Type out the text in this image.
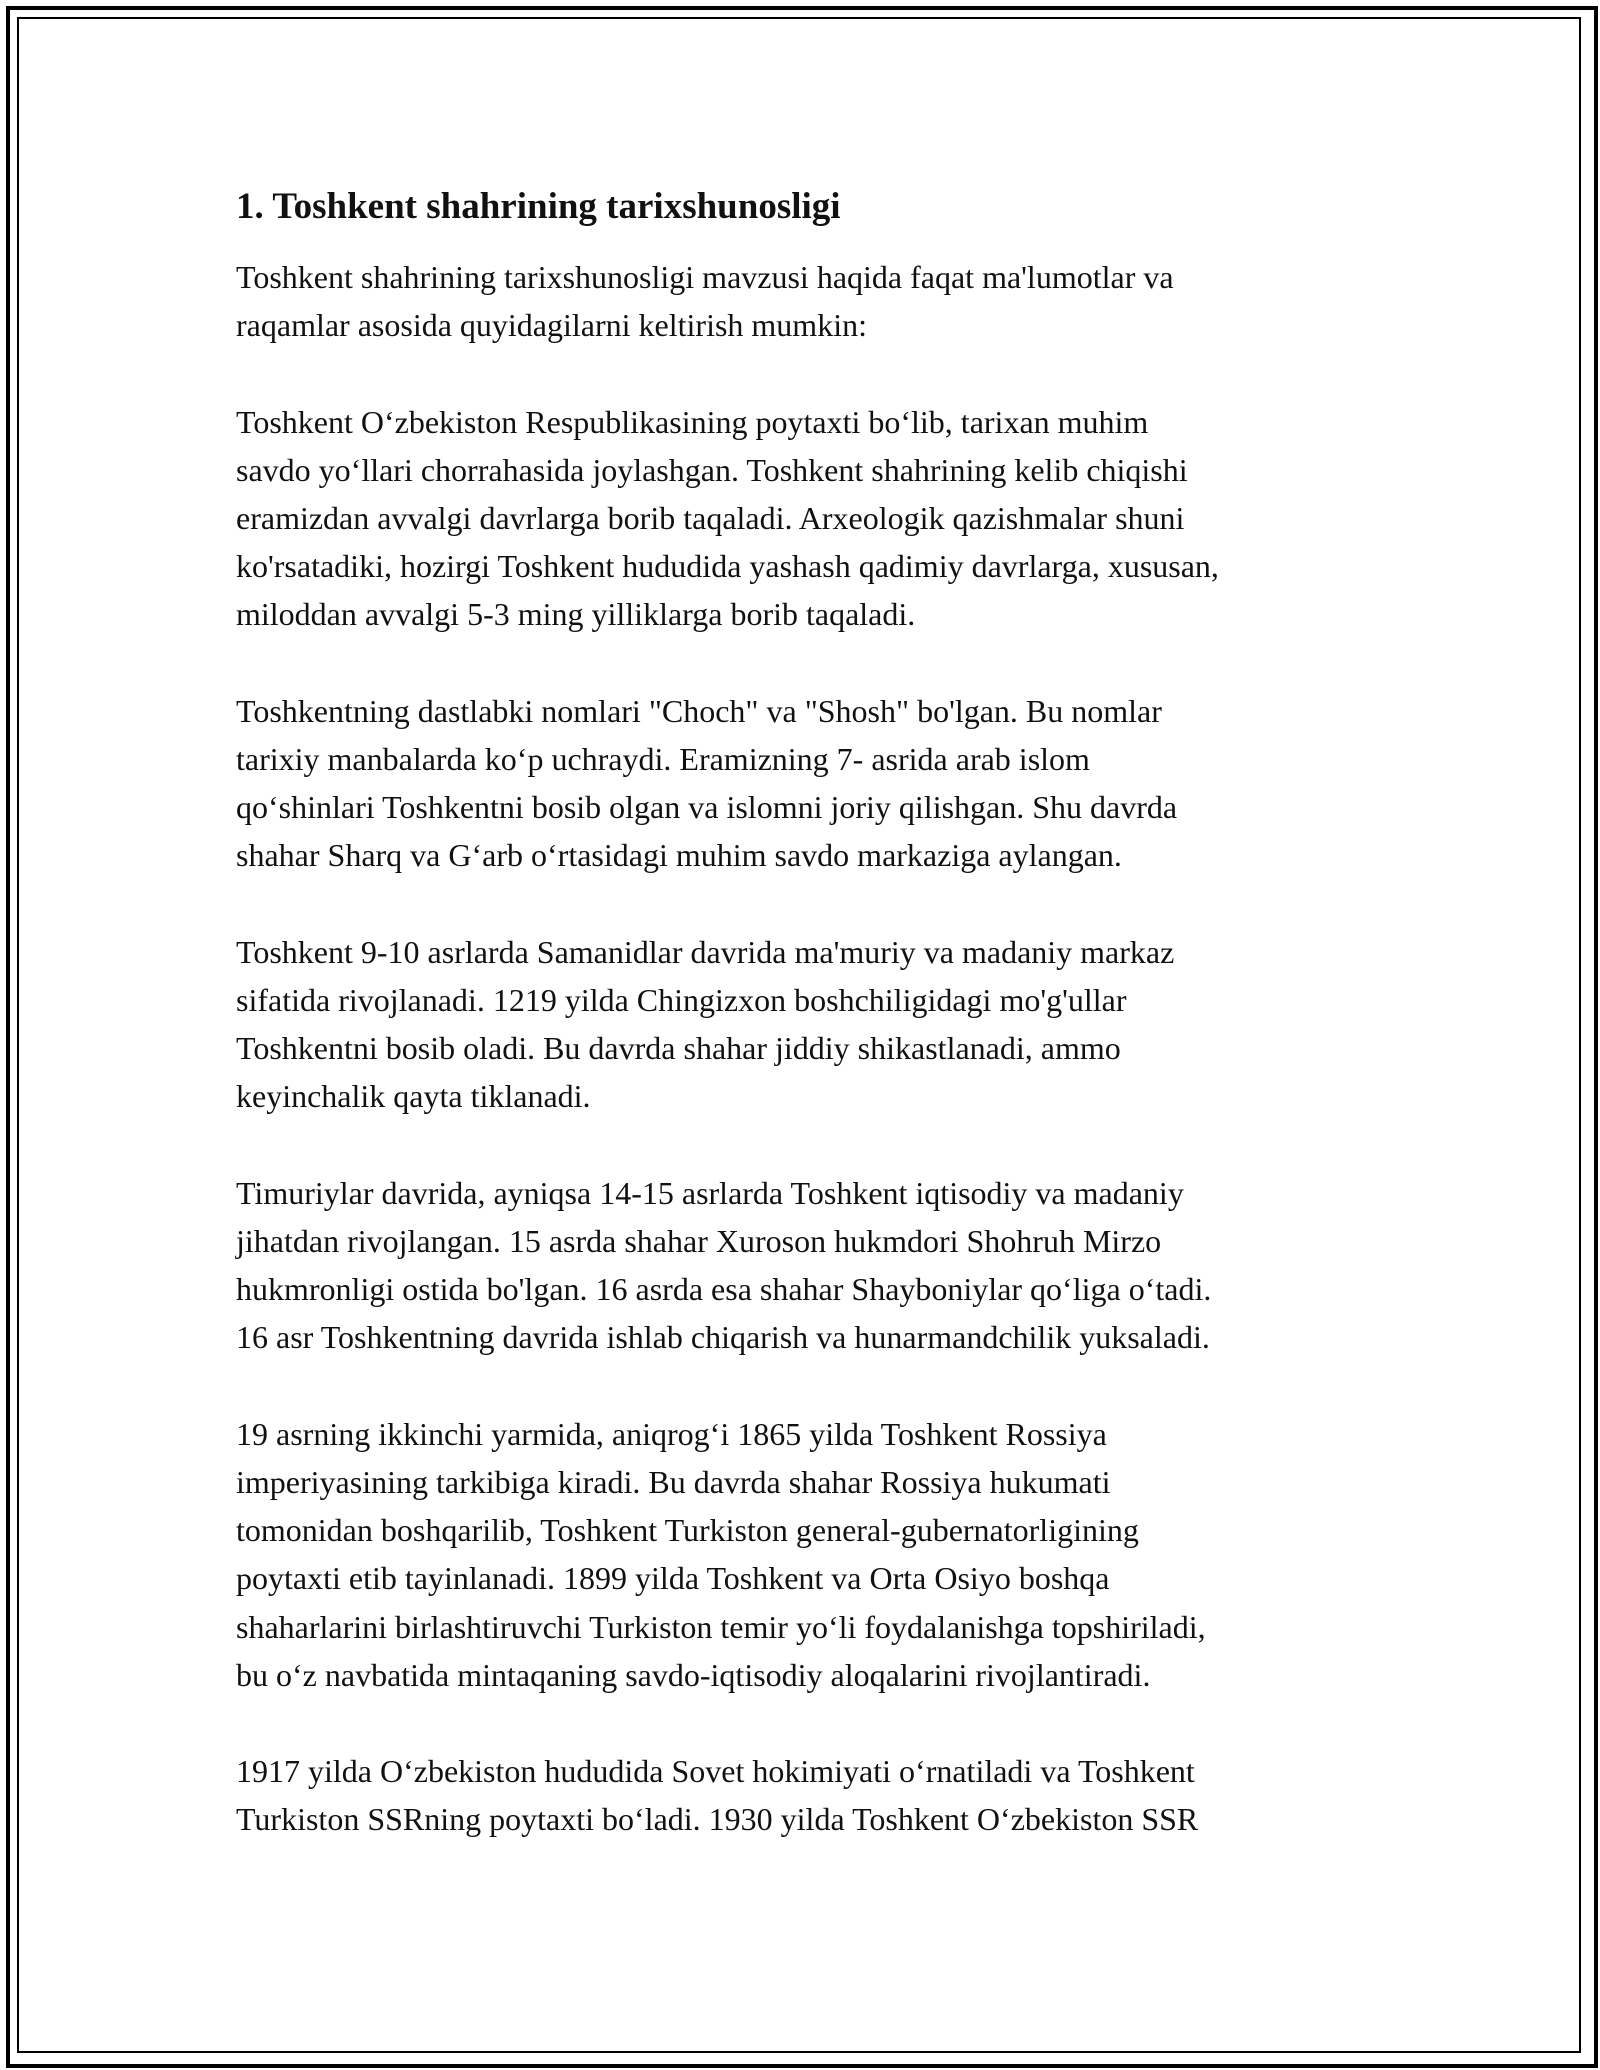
1. Toshkent shahrining tarixshunosligi
Toshkent shahrining tarixshunosligi mavzusi haqida faqat ma'lumotlar va
raqamlar asosida quyidagilarni keltirish mumkin:
Toshkent O‘zbekiston Respublikasining poytaxti bo‘lib, tarixan muhim
savdo yo‘llari chorrahasida joylashgan. Toshkent shahrining kelib chiqishi
eramizdan avvalgi davrlarga borib taqaladi. Arxeologik qazishmalar shuni
ko'rsatadiki, hozirgi Toshkent hududida yashash qadimiy davrlarga, xususan,
miloddan avvalgi 5-3 ming yilliklarga borib taqaladi.
Toshkentning dastlabki nomlari "Choch" va "Shosh" bo'lgan. Bu nomlar
tarixiy manbalarda ko‘p uchraydi. Eramizning 7- asrida arab islom
qo‘shinlari Toshkentni bosib olgan va islomni joriy qilishgan. Shu davrda
shahar Sharq va G‘arb o‘rtasidagi muhim savdo markaziga aylangan.
Toshkent 9-10 asrlarda Samanidlar davrida ma'muriy va madaniy markaz
sifatida rivojlanadi. 1219 yilda Chingizxon boshchiligidagi mo'g'ullar
Toshkentni bosib oladi. Bu davrda shahar jiddiy shikastlanadi, ammo
keyinchalik qayta tiklanadi.
Timuriylar davrida, ayniqsa 14-15 asrlarda Toshkent iqtisodiy va madaniy
jihatdan rivojlangan. 15 asrda shahar Xuroson hukmdori Shohruh Mirzo
hukmronligi ostida bo'lgan. 16 asrda esa shahar Shayboniylar qo‘liga o‘tadi.
16 asr Toshkentning davrida ishlab chiqarish va hunarmandchilik yuksaladi.
19 asrning ikkinchi yarmida, aniqrog‘i 1865 yilda Toshkent Rossiya
imperiyasining tarkibiga kiradi. Bu davrda shahar Rossiya hukumati
tomonidan boshqarilib, Toshkent Turkiston general-gubernatorligining
poytaxti etib tayinlanadi. 1899 yilda Toshkent va Orta Osiyo boshqa
shaharlarini birlashtiruvchi Turkiston temir yo‘li foydalanishga topshiriladi,
bu o‘z navbatida mintaqaning savdo-iqtisodiy aloqalarini rivojlantiradi.
1917 yilda O‘zbekiston hududida Sovet hokimiyati o‘rnatiladi va Toshkent
Turkiston SSRning poytaxti bo‘ladi. 1930 yilda Toshkent O‘zbekiston SSR
